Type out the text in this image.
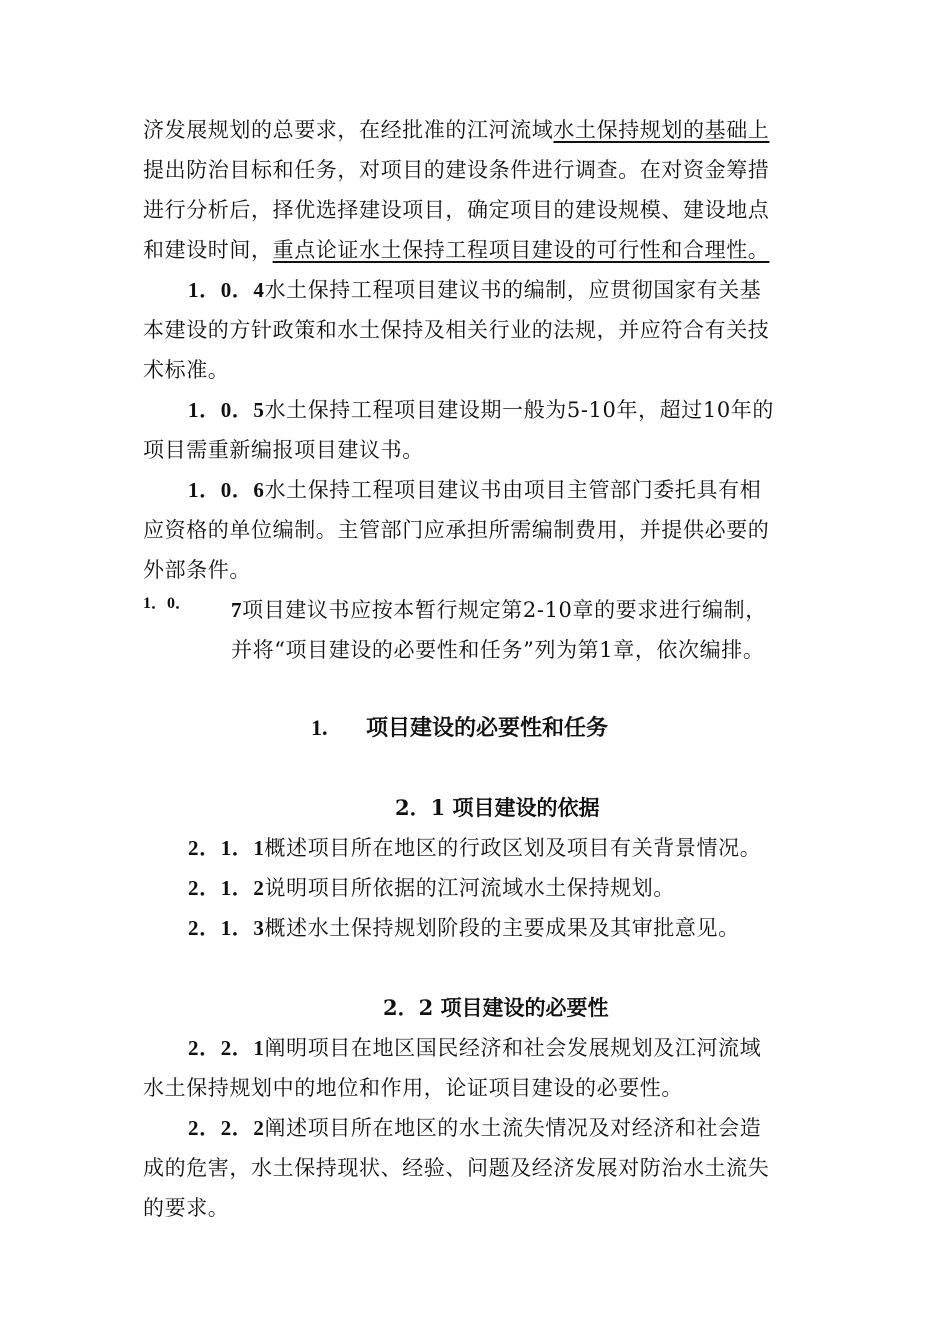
济发展规划的总要求，在经批准的江河流域水土保持规划的基础上

提出防治目标和任务，对项目的建设条件进行调查。在对资金筹措

进行分析后，择优选择建设项目，确定项目的建设规模、建设地点

和建设时间，重点论证水土保持工程项目建设的可行性和合理性。

1．0．4水土保持工程项目建议书的编制，应贯彻国家有关基

本建设的方针政策和水土保持及相关行业的法规，并应符合有关技

术标准。

1．0．5水土保持工程项目建设期一般为5-10年，超过10年的

项目需重新编报项目建议书。

1．0．6水土保持工程项目建议书由项目主管部门委托具有相

应资格的单位编制。主管部门应承担所需编制费用，并提供必要的

外部条件。

1．0． 7项目建议书应按本暂行规定第2-10章的要求进行编制，

并将“项目建设的必要性和任务”列为第1章，依次编排。

1. 项目建设的必要性和任务
2．1 项目建设的依据

2．1．1概述项目所在地区的行政区划及项目有关背景情况。

2．1．2说明项目所依据的江河流域水土保持规划。

2．1．3概述水土保持规划阶段的主要成果及其审批意见。

2．2 项目建设的必要性

2．2．1阐明项目在地区国民经济和社会发展规划及江河流域

水土保持规划中的地位和作用，论证项目建设的必要性。

2．2．2阐述项目所在地区的水土流失情况及对经济和社会造

成的危害，水土保持现状、经验、问题及经济发展对防治水土流失

的要求。
